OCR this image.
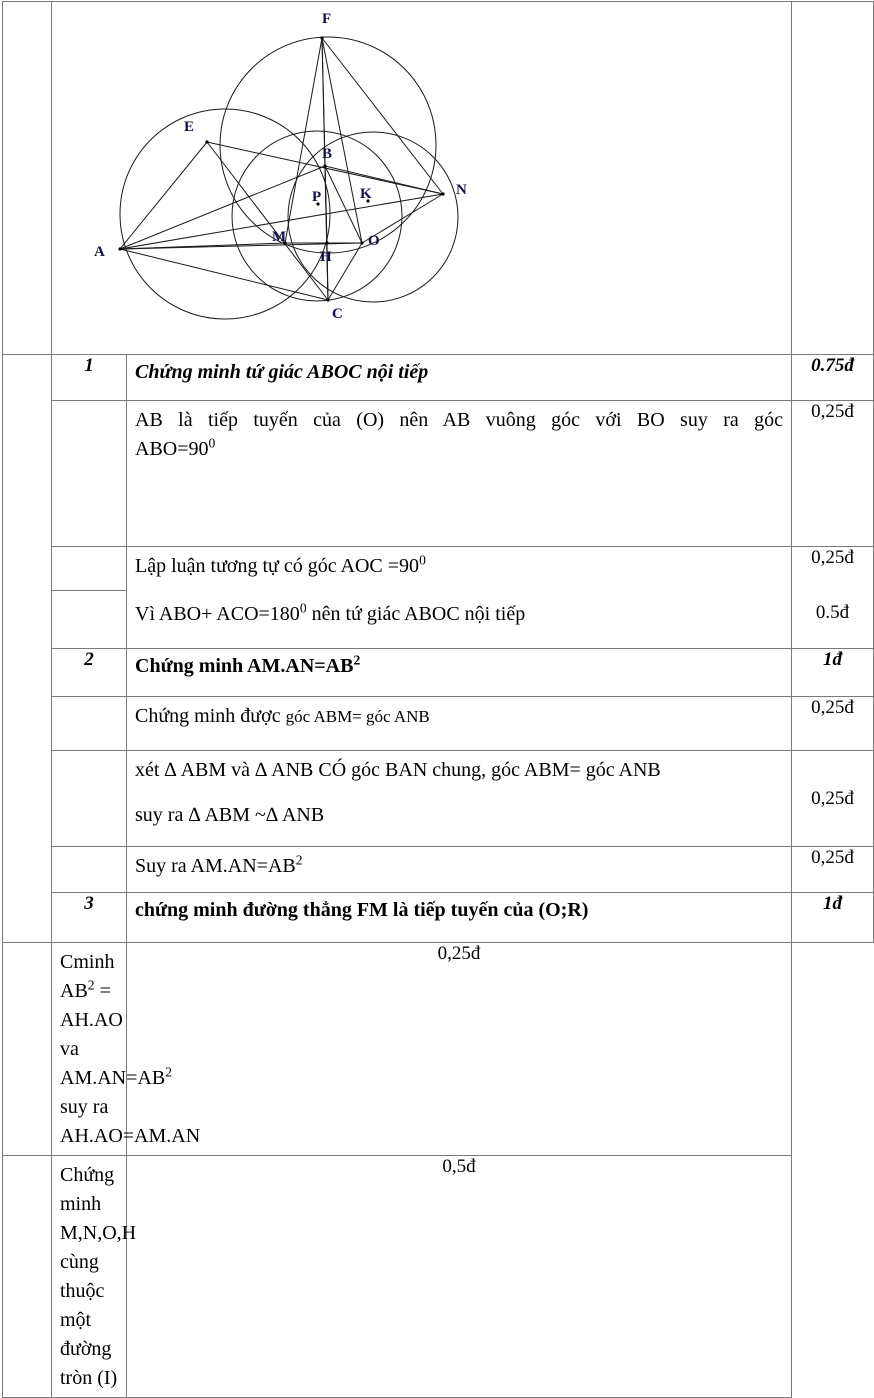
F
E
B
N
P	K
A
M	O
H
C

	1	Chứng minh tứ giác ABOC nội tiếp	0.75đ

		AB là tiếp tuyến của (O) nên AB vuông góc với BO suy ra góc
$ABO=90^0$	0,25đ

		Lập luận tương tự có góc AOC $=90^0$	0,25đ

		Vì $ABO+ ACO=180^0$ nên tứ giác ABOC nội tiếp	0.5đ
	2	Chứng minh $AM.AN=AB^2$	1đ

		Chứng minh được góc ABM= góc ANB	0,25đ

		xét ∆ ABM và ∆ ANB CÓ góc BAN chung, góc ABM= góc ANB
suy ra ∆ ABM ~∆ ANB	0,25đ

		Suy ra $AM.AN=AB^2$	0,25đ
	3	chứng minh đường thẳng FM là tiếp tuyến của (O;R)	1đ

	Cminh $AB^2 = AH.AO$ va $AM.AN=AB^2$ suy ra AH.AO=AM.AN	0,25đ	

	Chứng minh M,N,O,H cùng thuộc một đường tròn (I)	0,5đ	
